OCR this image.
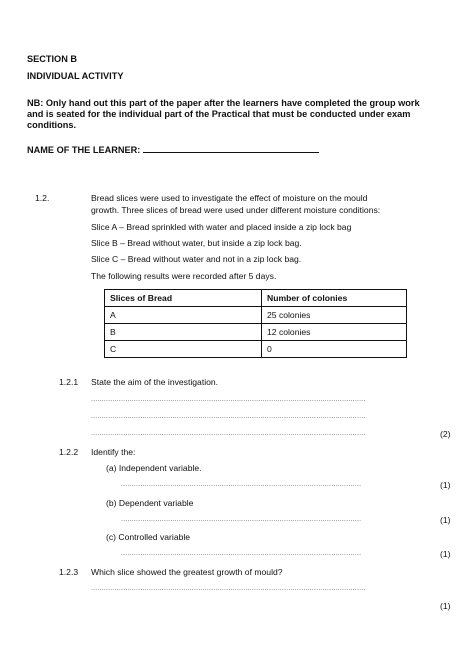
SECTION B
INDIVIDUAL ACTIVITY
NB: Only hand out this part of the paper after the learners have completed the group work
and is seated for the individual part of the Practical that must be conducted under exam
conditions.
NAME OF THE LEARNER:
1.2.	Bread slices were used to investigate the effect of moisture on the mould
growth. Three slices of bread were used under different moisture conditions:
Slice A – Bread sprinkled with water and placed inside a zip lock bag
Slice B – Bread without water, but inside a zip lock bag.
Slice C – Bread without water and not in a zip lock bag.
The following results were recorded after 5 days.
Slices of Bread	Number of colonies
A	25 colonies
B	12 colonies
C	0
1.2.1 State the aim of the investigation.
................................................................................................................................
................................................................................................................................
................................................................................................................................	(2)
1.2.2 Identify the:
(a) Independent variable.
................................................................................................................	(1)
(b) Dependent variable
................................................................................................................	(1)
(c) Controlled variable
................................................................................................................	(1)
1.2.3 Which slice showed the greatest growth of mould?
................................................................................................................................
(1)
